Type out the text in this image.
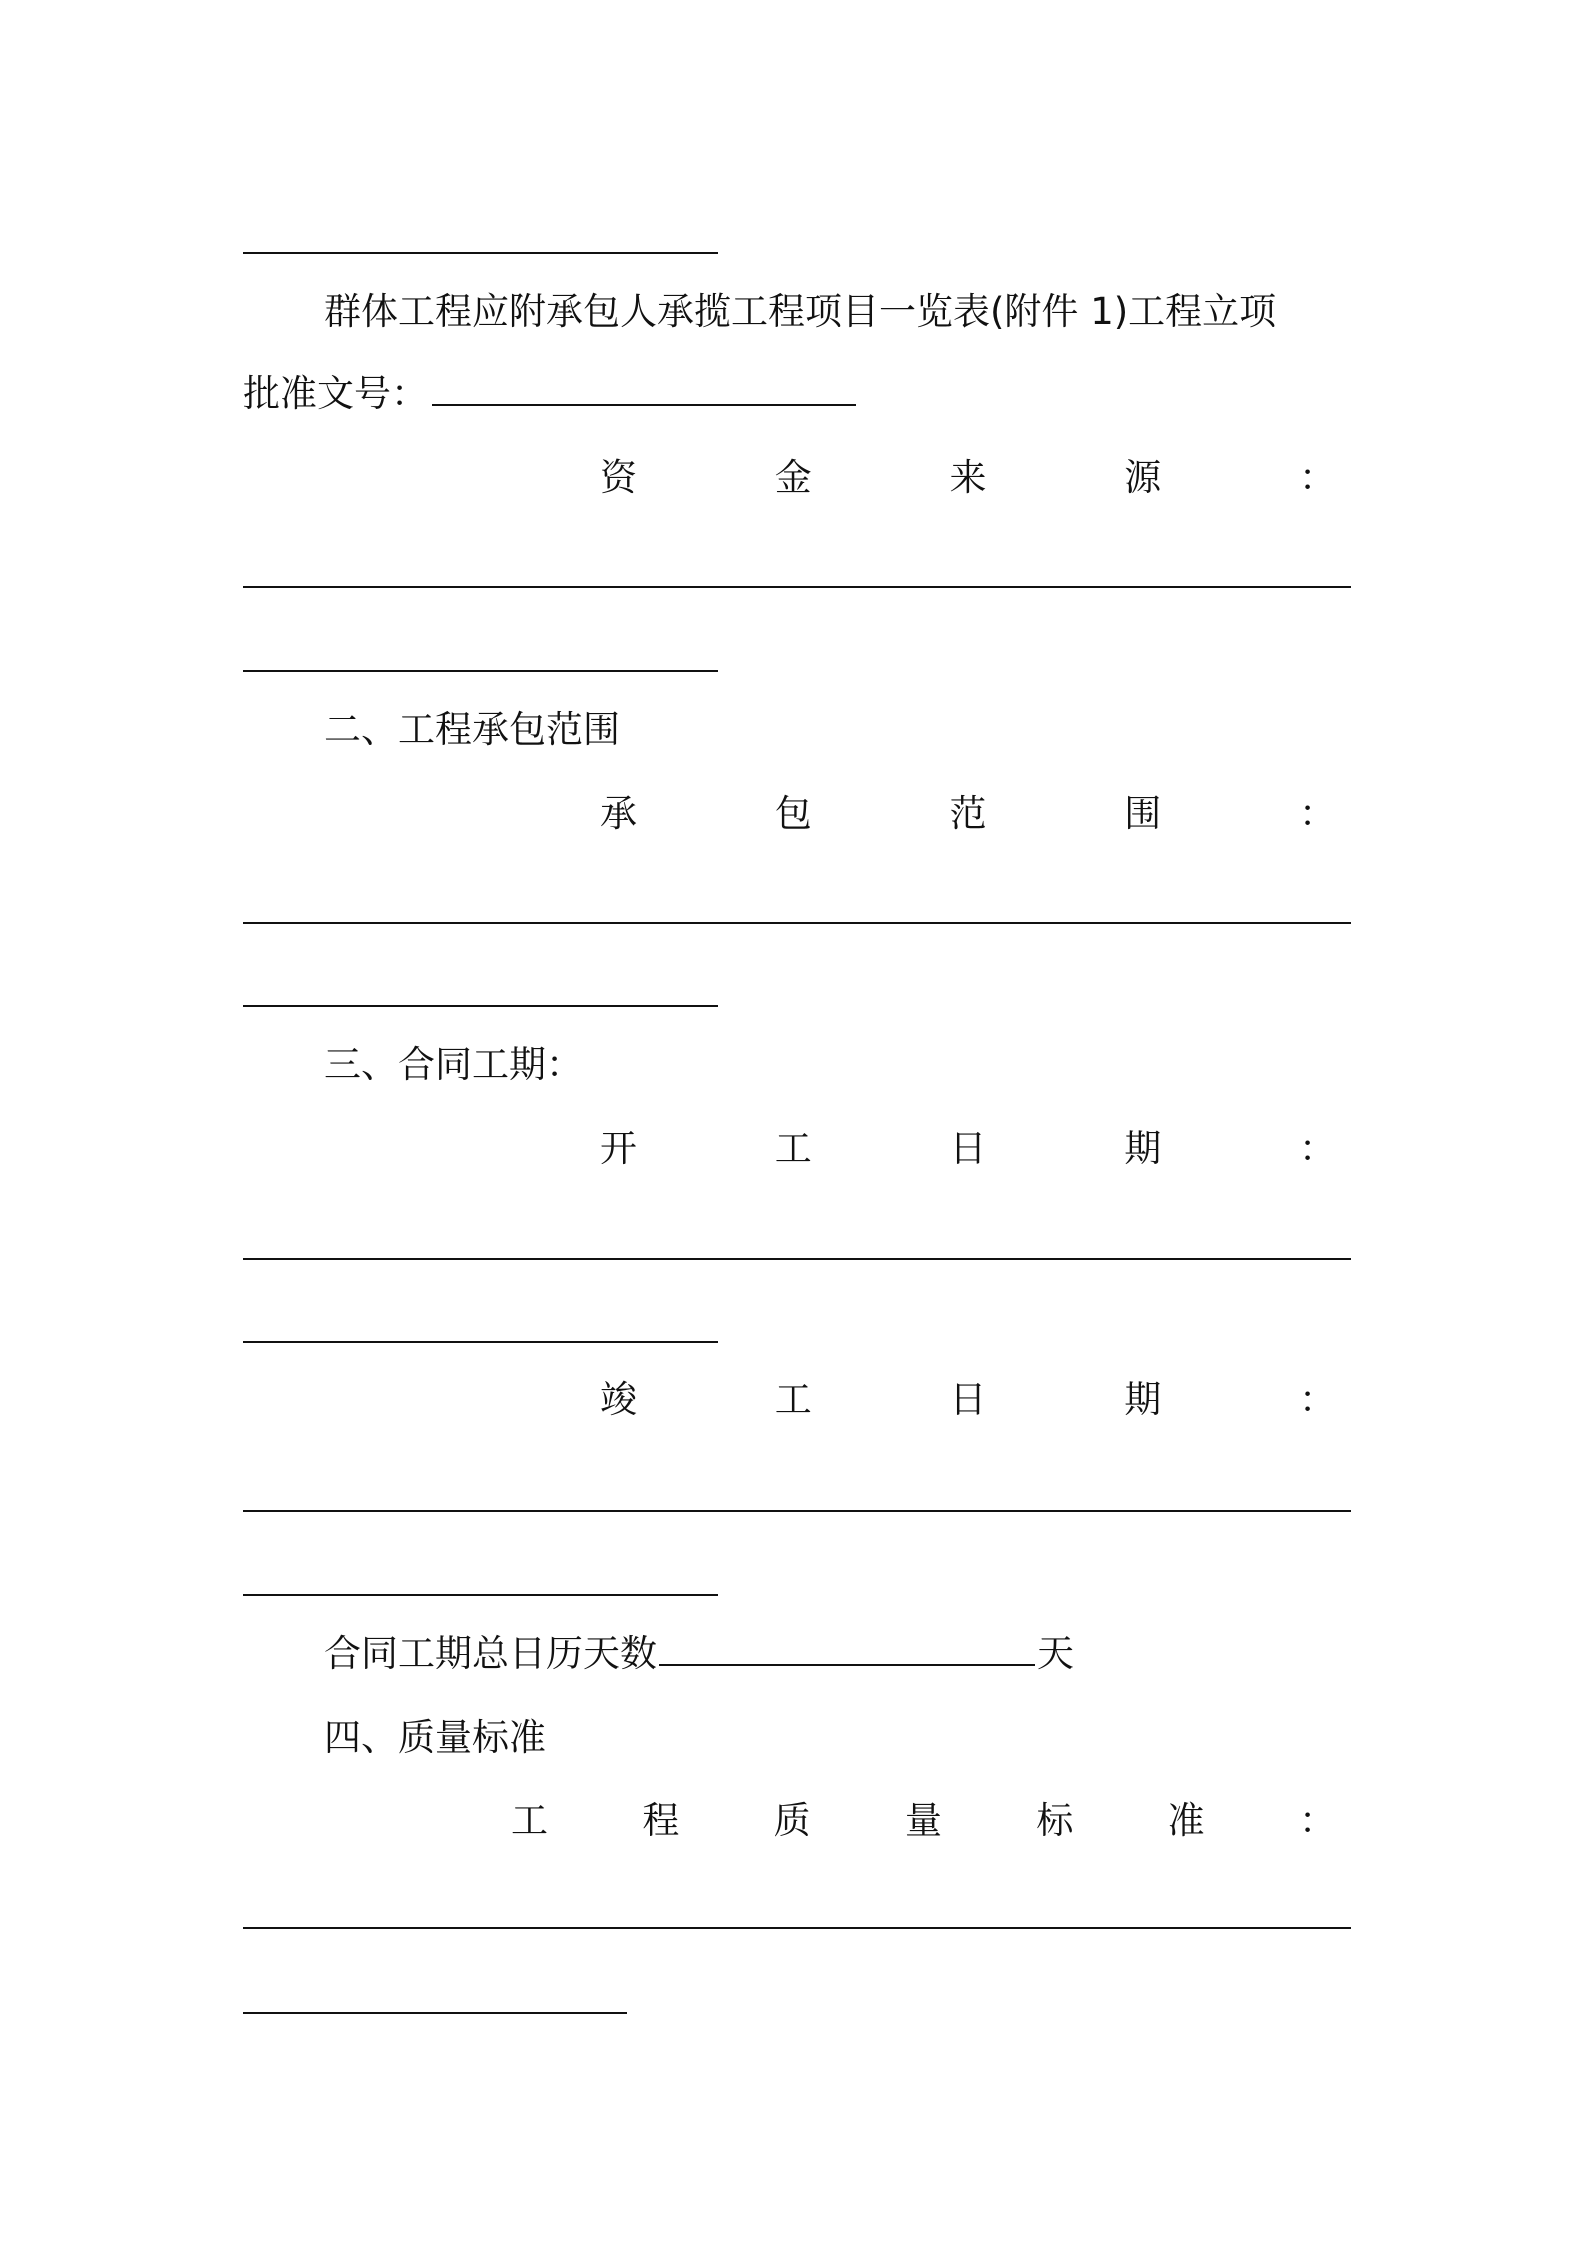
群体工程应附承包人承揽工程项目一览表(附件 1)工程立项
批准文号：
资	金	来	源	：
二、工程承包范围
承	包	范	围	：
三、合同工期：
开	工	日	期	：
竣	工	日	期	：
合同工期总日历天数	天
四、质量标准
工	程	质	量	标	准	：
